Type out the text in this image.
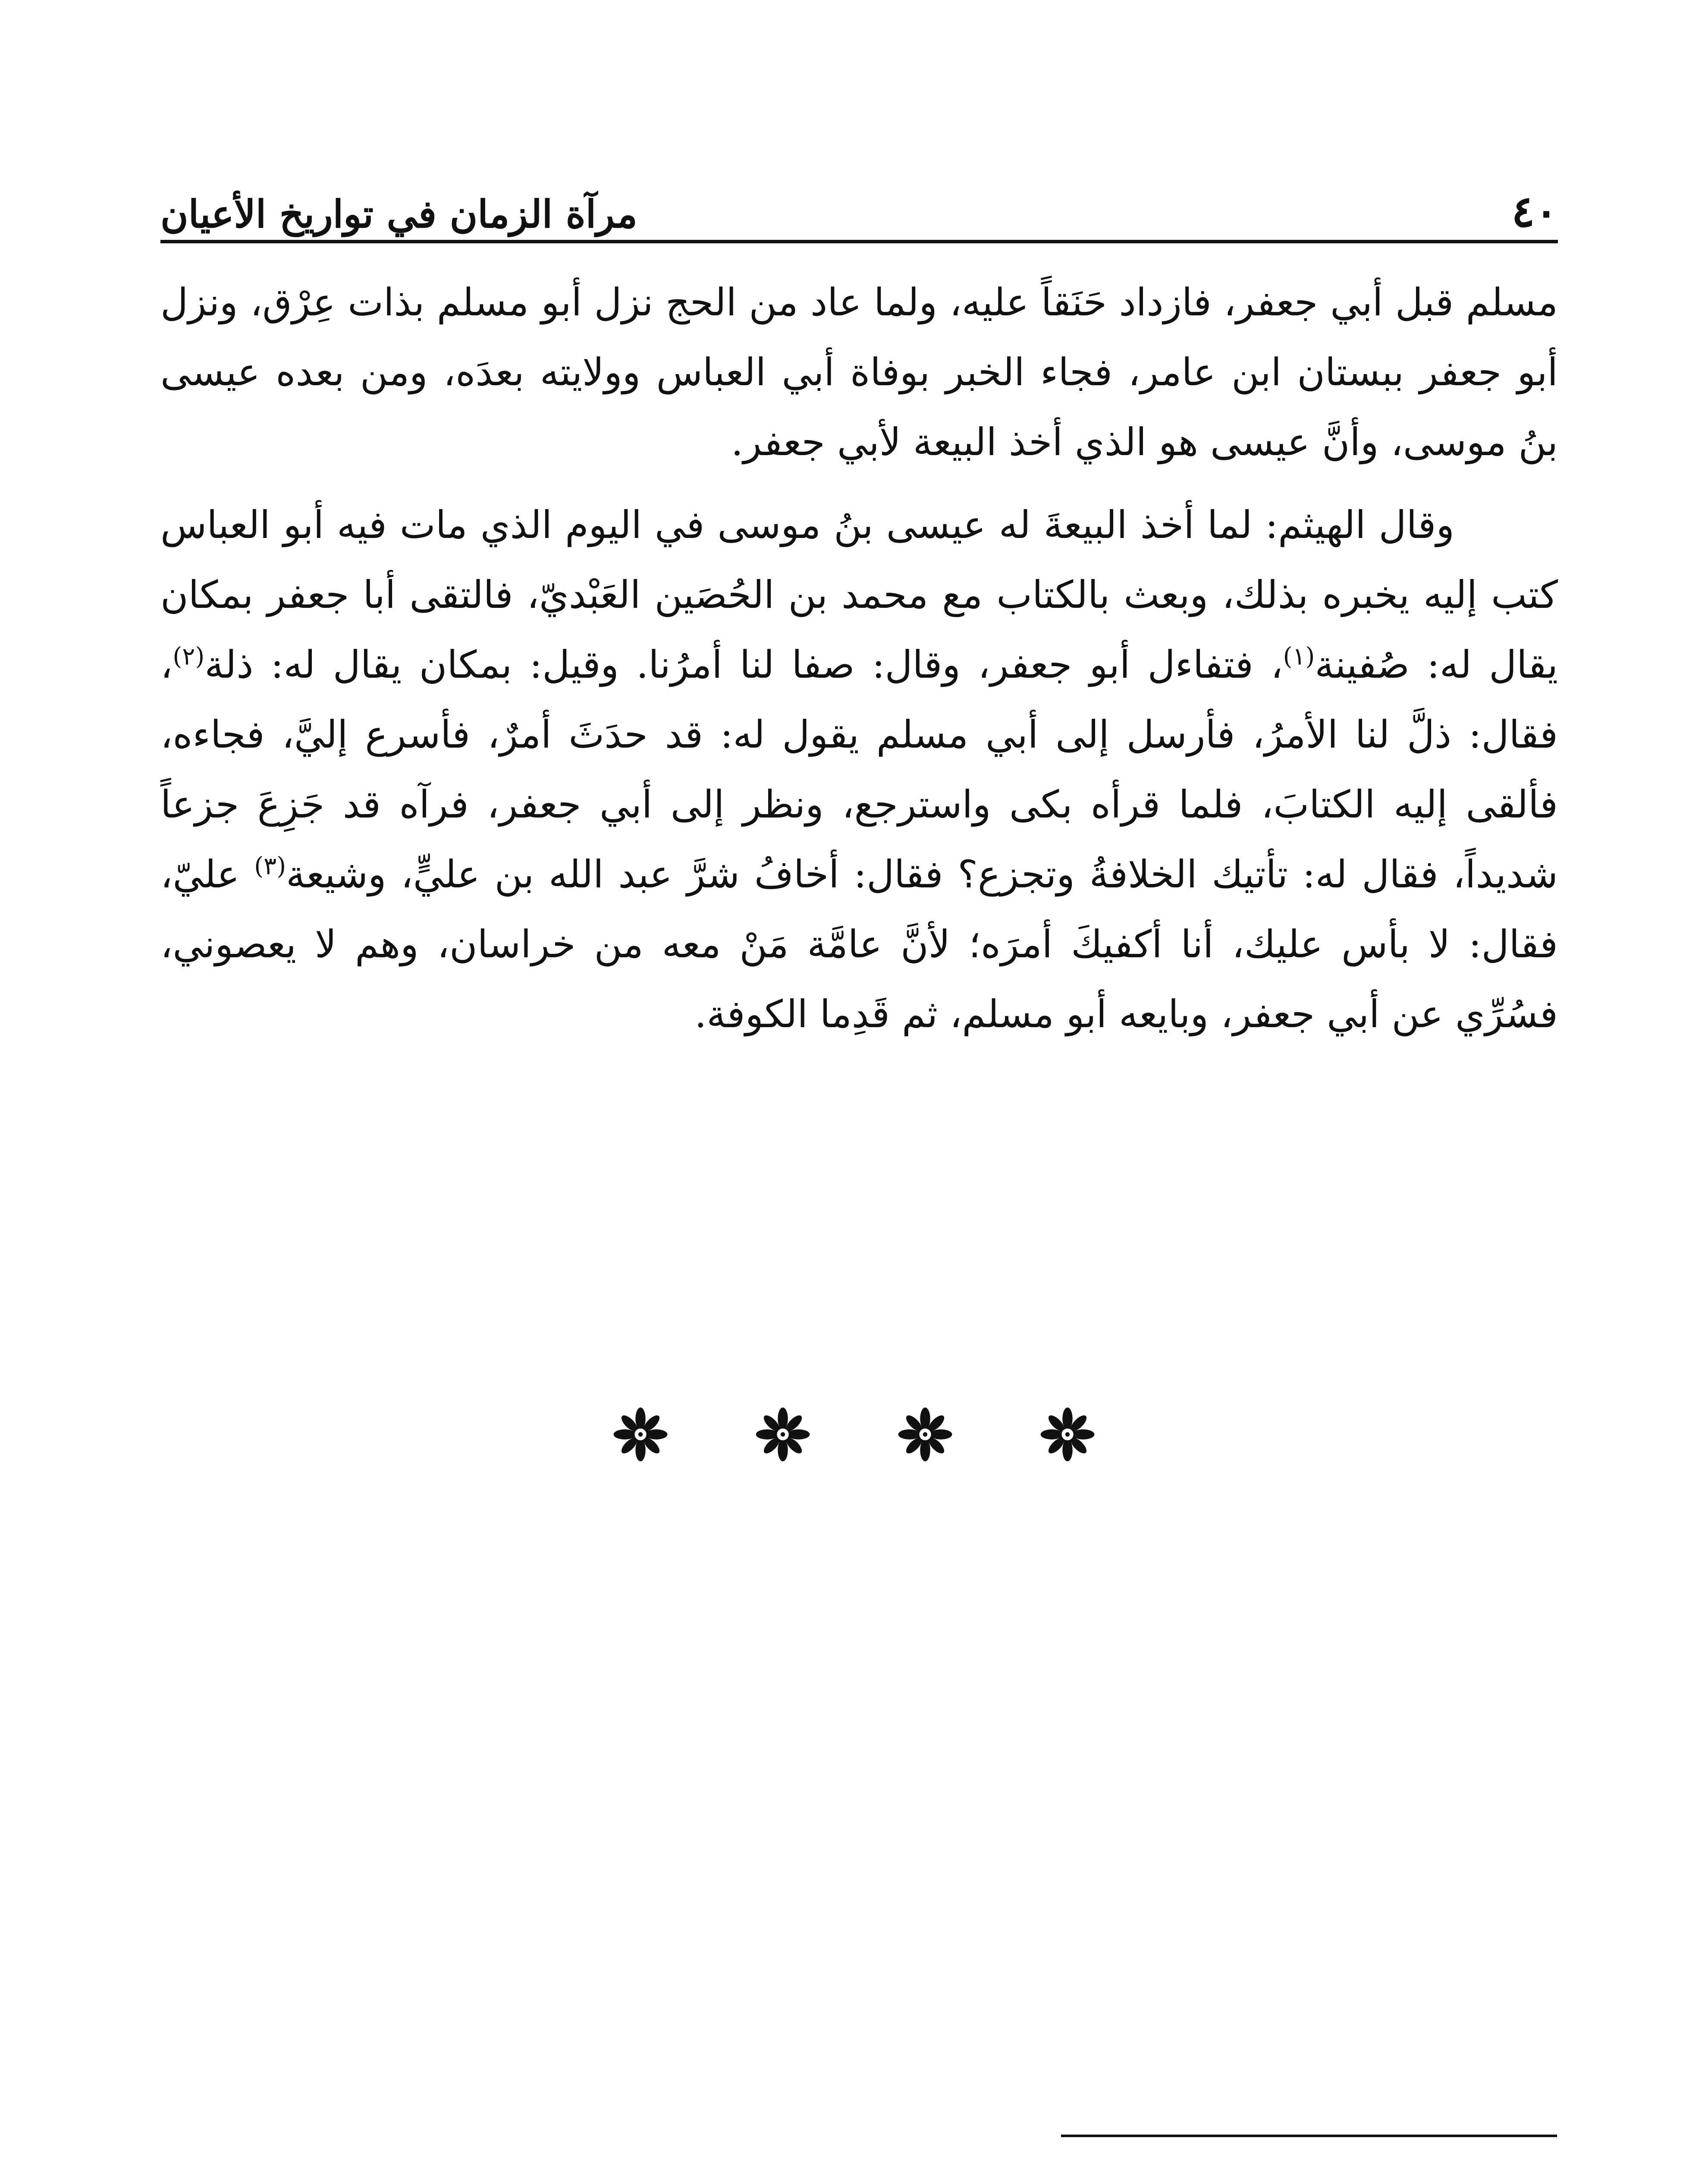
٤٠
مرآة الزمان في تواريخ الأعيان

مسلم قبل أبي جعفر، فازداد حَنَقاً عليه، ولما عاد من الحج نزل أبو مسلم بذات عِرْق، ونزل أبو جعفر ببستان ابن عامر، فجاء الخبر بوفاة أبي العباس وولايته بعدَه، ومن بعده عيسى بنُ موسى، وأنَّ عيسى هو الذي أخذ البيعة لأبي جعفر.

وقال الهيثم: لما أخذ البيعةَ له عيسى بنُ موسى في اليوم الذي مات فيه أبو العباس كتب إليه يخبره بذلك، وبعث بالكتاب مع محمد بن الحُصَين العَبْديّ، فالتقى أبا جعفر بمكان يقال له: صُفينة$^{(١)}$، فتفاءل أبو جعفر، وقال: صفا لنا أمرُنا. وقيل: بمكان يقال له: ذلة$^{(٢)}$، فقال: ذلَّ لنا الأمرُ، فأرسل إلى أبي مسلم يقول له: قد حدَثَ أمرٌ، فأسرع إليَّ، فجاءه، فألقى إليه الكتابَ، فلما قرأه بكى واسترجع، ونظر إلى أبي جعفر، فرآه قد جَزِعَ جزعاً شديداً، فقال له: تأتيك الخلافةُ وتجزع؟ فقال: أخافُ شرَّ عبد الله بن عليٍّ، وشيعة$^{(٣)}$ عليّ، فقال: لا بأس عليك، أنا أكفيكَ أمرَه؛ لأنَّ عامَّة مَنْ معه من خراسان، وهم لا يعصوني، فسُرِّي عن أبي جعفر، وبايعه أبو مسلم، ثم قَدِما الكوفة.
